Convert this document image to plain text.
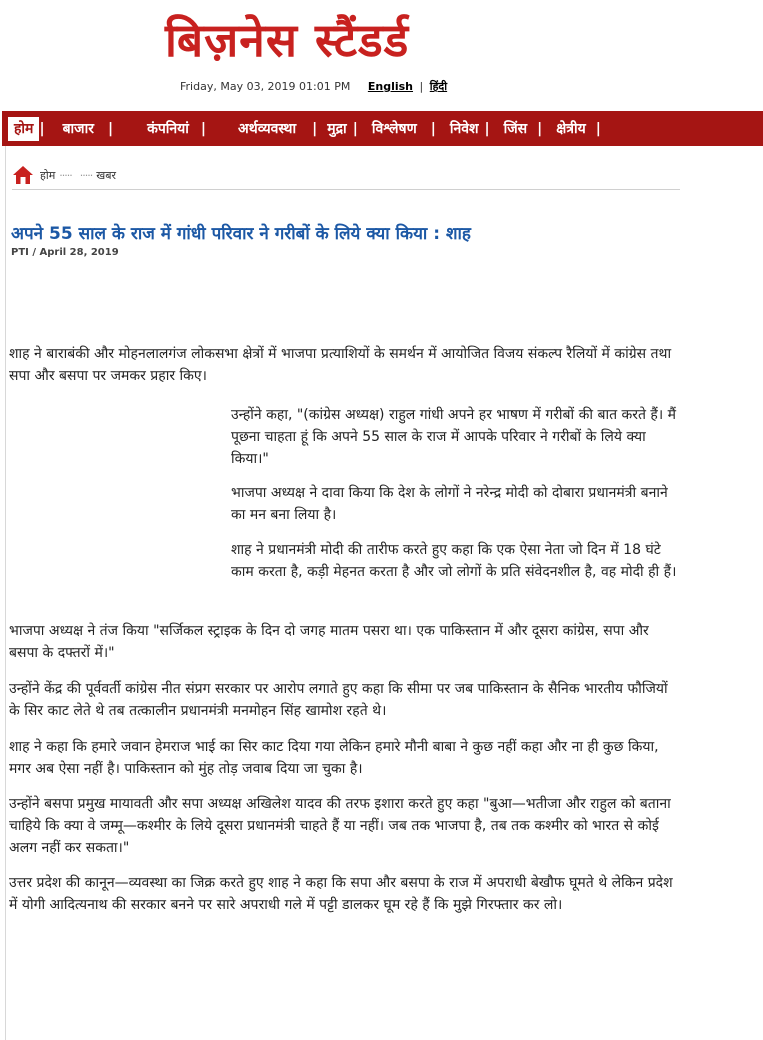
बिज़नेस स्टैंडर्ड
Friday, May 03, 2019 01:01 PM English | हिंदी
होम |	बाजार	|	कंपनियां |	अर्थव्यवस्था	| मुद्रा |	विश्लेषण	|	निवेश |	जिंस |	क्षेत्रीय |
होम ····· ····· खबर
अपने 55 साल के राज में गांधी परिवार ने गरीबों के लिये क्या किया : शाह
PTI / April 28, 2019

शाह ने बाराबंकी और मोहनलालगंज लोकसभा क्षेत्रों में भाजपा प्रत्याशियों के समर्थन में आयोजित विजय संकल्प रैलियों में कांग्रेस तथा सपा और बसपा पर जमकर प्रहार किए।

उन्होंने कहा, "(कांग्रेस अध्यक्ष) राहुल गांधी अपने हर भाषण में गरीबों की बात करते हैं। मैं पूछना चाहता हूं कि अपने 55 साल के राज में आपके परिवार ने गरीबों के लिये क्या किया।"

भाजपा अध्यक्ष ने दावा किया कि देश के लोगों ने नरेन्द्र मोदी को दोबारा प्रधानमंत्री बनाने का मन बना लिया है।

शाह ने प्रधानमंत्री मोदी की तारीफ करते हुए कहा कि एक ऐसा नेता जो दिन में 18 घंटे काम करता है, कड़ी मेहनत करता है और जो लोगों के प्रति संवेदनशील है, वह मोदी ही हैं।

भाजपा अध्यक्ष ने तंज किया "सर्जिकल स्ट्राइक के दिन दो जगह मातम पसरा था। एक पाकिस्तान में और दूसरा कांग्रेस, सपा और बसपा के दफ्तरों में।"

उन्होंने केंद्र की पूर्ववर्ती कांग्रेस नीत संप्रग सरकार पर आरोप लगाते हुए कहा कि सीमा पर जब पाकिस्तान के सैनिक भारतीय फौजियों के सिर काट लेते थे तब तत्कालीन प्रधानमंत्री मनमोहन सिंह खामोश रहते थे।

शाह ने कहा कि हमारे जवान हेमराज भाई का सिर काट दिया गया लेकिन हमारे मौनी बाबा ने कुछ नहीं कहा और ना ही कुछ किया, मगर अब ऐसा नहीं है। पाकिस्तान को मुंह तोड़ जवाब दिया जा चुका है।

उन्होंने बसपा प्रमुख मायावती और सपा अध्यक्ष अखिलेश यादव की तरफ इशारा करते हुए कहा "बुआ—भतीजा और राहुल को बताना चाहिये कि क्या वे जम्मू—कश्मीर के लिये दूसरा प्रधानमंत्री चाहते हैं या नहीं। जब तक भाजपा है, तब तक कश्मीर को भारत से कोई अलग नहीं कर सकता।"

उत्तर प्रदेश की कानून—व्यवस्था का जिक्र करते हुए शाह ने कहा कि सपा और बसपा के राज में अपराधी बेखौफ घूमते थे लेकिन प्रदेश में योगी आदित्यनाथ की सरकार बनने पर सारे अपराधी गले में पट्टी डालकर घूम रहे हैं कि मुझे गिरफ्तार कर लो।
